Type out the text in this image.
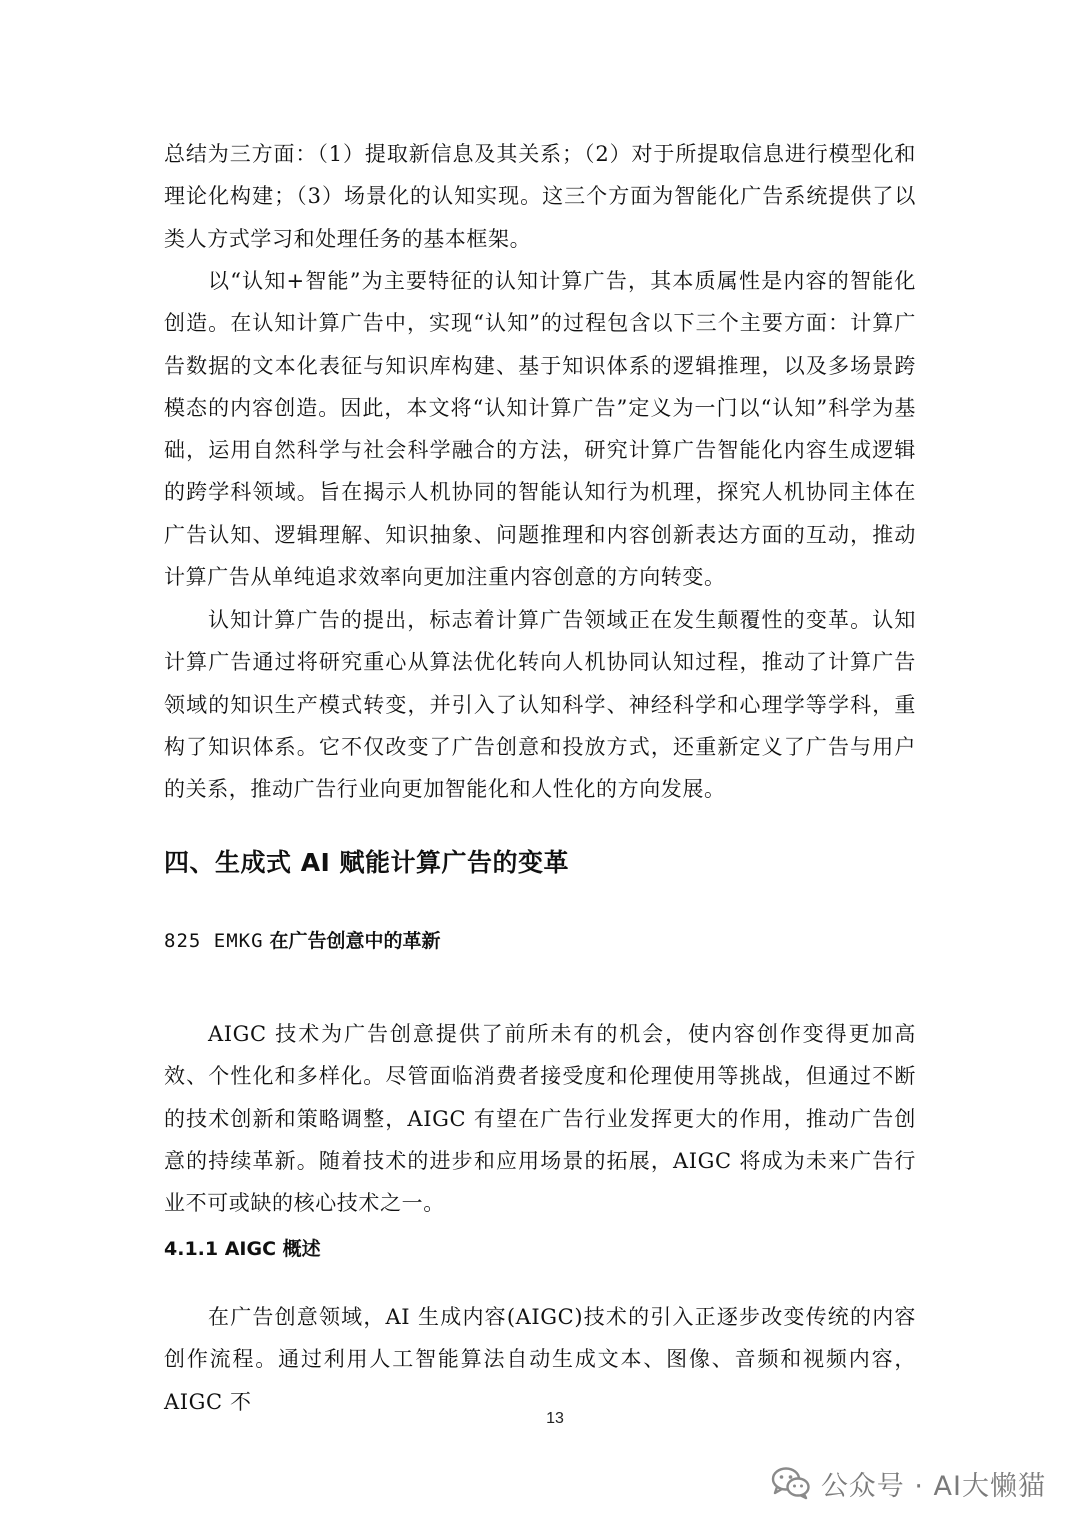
总结为三方面：（1）提取新信息及其关系；（2）对于所提取信息进行模型化和理论化构建；（3）场景化的认知实现。这三个方面为智能化广告系统提供了以类人方式学习和处理任务的基本框架。

以“认知+智能”为主要特征的认知计算广告，其本质属性是内容的智能化创造。在认知计算广告中，实现“认知”的过程包含以下三个主要方面：计算广告数据的文本化表征与知识库构建、基于知识体系的逻辑推理，以及多场景跨模态的内容创造。因此，本文将“认知计算广告”定义为一门以“认知”科学为基础，运用自然科学与社会科学融合的方法，研究计算广告智能化内容生成逻辑的跨学科领域。旨在揭示人机协同的智能认知行为机理，探究人机协同主体在广告认知、逻辑理解、知识抽象、问题推理和内容创新表达方面的互动，推动计算广告从单纯追求效率向更加注重内容创意的方向转变。

认知计算广告的提出，标志着计算广告领域正在发生颠覆性的变革。认知计算广告通过将研究重心从算法优化转向人机协同认知过程，推动了计算广告领域的知识生产模式转变，并引入了认知科学、神经科学和心理学等学科，重构了知识体系。它不仅改变了广告创意和投放方式，还重新定义了广告与用户的关系，推动广告行业向更加智能化和人性化的方向发展。

四、生成式 AI 赋能计算广告的变革
825 EMKG 在广告创意中的革新

AIGC 技术为广告创意提供了前所未有的机会，使内容创作变得更加高效、个性化和多样化。尽管面临消费者接受度和伦理使用等挑战，但通过不断的技术创新和策略调整，AIGC 有望在广告行业发挥更大的作用，推动广告创意的持续革新。随着技术的进步和应用场景的拓展，AIGC 将成为未来广告行业不可或缺的核心技术之一。

4.1.1 AIGC 概述

在广告创意领域，AI 生成内容(AIGC)技术的引入正逐步改变传统的内容创作流程。通过利用人工智能算法自动生成文本、图像、音频和视频内容，AIGC 不

13
公众号 · AI大懒猫
